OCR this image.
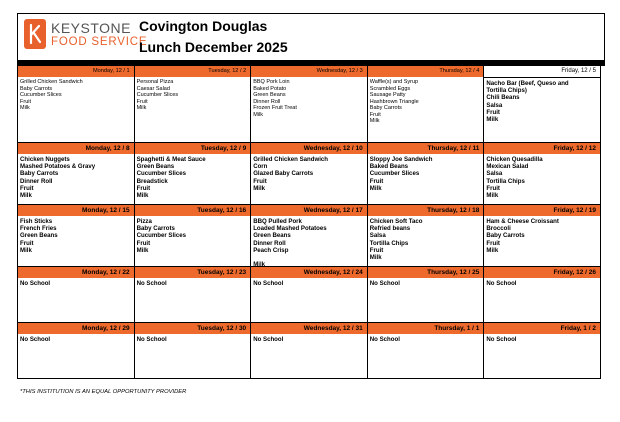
KEYSTONE
FOOD SERVICE
Covington Douglas
Lunch December 2025
Monday, 12 / 1
Grilled Chicken Sandwich
Baby Carrots
Cucumber Slices
Fruit
Milk
Tuesday, 12 / 2
Personal Pizza
Caesar Salad
Cucumber Slices
Fruit
Milk
Wednesday, 12 / 3
BBQ Pork Loin
Baked Potato
Green Beans
Dinner Roll
Frozen Fruit Treat
Milk
Thursday, 12 / 4
Waffle(s) and Syrup
Scrambled Eggs
Sausage Patty
Hashbrown Triangle
Baby Carrots
Fruit
Milk
Friday, 12 / 5
Nacho Bar (Beef, Queso and
Tortilla Chips)
Chili Beans
Salsa
Fruit
Milk
Monday, 12 / 8
Chicken Nuggets
Mashed Potatoes & Gravy
Baby Carrots
Dinner Roll
Fruit
Milk
Tuesday, 12 / 9
Spaghetti & Meat Sauce
Green Beans
Cucumber Slices
Breadstick
Fruit
Milk
Wednesday, 12 / 10
Grilled Chicken Sandwich
Corn
Glazed Baby Carrots
Fruit
Milk
Thursday, 12 / 11
Sloppy Joe Sandwich
Baked Beans
Cucumber Slices
Fruit
Milk
Friday, 12 / 12
Chicken Quesadilla
Mexican Salad
Salsa
Tortilla Chips
Fruit
Milk
Monday, 12 / 15
Fish Sticks
French Fries
Green Beans
Fruit
Milk
Tuesday, 12 / 16
Pizza
Baby Carrots
Cucumber Slices
Fruit
Milk
Wednesday, 12 / 17
BBQ Pulled Pork
Loaded Mashed Potatoes
Green Beans
Dinner Roll
Peach Crisp
Milk
Thursday, 12 / 18
Chicken Soft Taco
Refried beans
Salsa
Tortilla Chips
Fruit
Milk
Friday, 12 / 19
Ham & Cheese Croissant
Broccoli
Baby Carrots
Fruit
Milk
Monday, 12 / 22
No School
Tuesday, 12 / 23
No School
Wednesday, 12 / 24
No School
Thursday, 12 / 25
No School
Friday, 12 / 26
No School
Monday, 12 / 29
No School
Tuesday, 12 / 30
No School
Wednesday, 12 / 31
No School
Thursday, 1 / 1
No School
Friday, 1 / 2
No School
*THIS INSTITUTION IS AN EQUAL OPPORTUNITY PROVIDER
